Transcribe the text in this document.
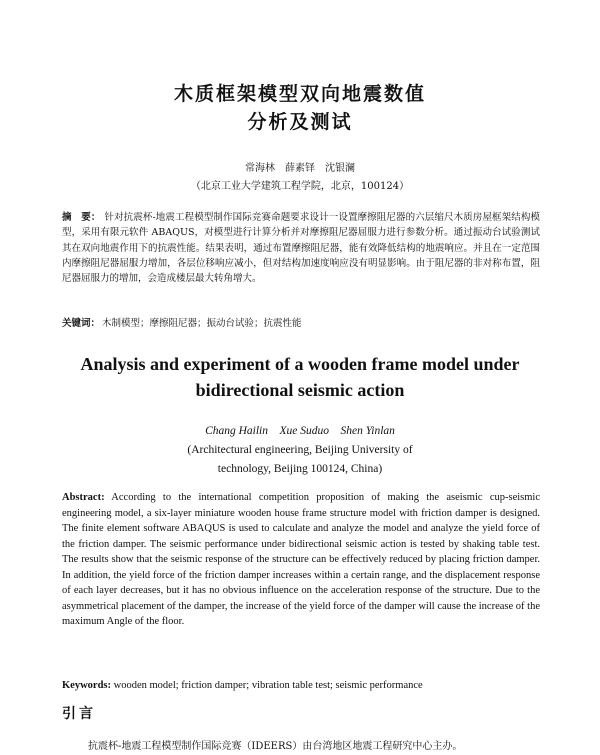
木质框架模型双向地震数值
分析及测试
常海林　薛素铎　沈银澜
（北京工业大学建筑工程学院，北京，100124）
摘　要： 针对抗震杯-地震工程模型制作国际竞赛命题要求设计一设置摩擦阻尼器的六层缩尺木质房屋框架结构模型，采用有限元软件 ABAQUS，对模型进行计算分析并对摩擦阻尼器屈服力进行参数分析。通过振动台试验测试其在双向地震作用下的抗震性能。结果表明，通过布置摩擦阻尼器，能有效降低结构的地震响应。并且在一定范围内摩擦阻尼器屈服力增加，各层位移响应减小，但对结构加速度响应没有明显影响。由于阻尼器的非对称布置，阻尼器屈服力的增加，会造成楼层最大转角增大。
关键词： 木制模型；摩擦阻尼器；振动台试验；抗震性能
Analysis and experiment of a wooden frame model under
bidirectional seismic action
Chang Hailin　Xue Suduo　Shen Yinlan
(Architectural engineering, Beijing University of technology, Beijing 100124, China)
Abstract: According to the international competition proposition of making the aseismic cup-seismic engineering model, a six-layer miniature wooden house frame structure model with friction damper is designed. The finite element software ABAQUS is used to calculate and analyze the model and analyze the yield force of the friction damper. The seismic performance under bidirectional seismic action is tested by shaking table test. The results show that the seismic response of the structure can be effectively reduced by placing friction damper. In addition, the yield force of the friction damper increases within a certain range, and the displacement response of each layer decreases, but it has no obvious influence on the acceleration response of the structure. Due to the asymmetrical placement of the damper, the increase of the yield force of the damper will cause the increase of the maximum Angle of the floor.
Keywords: wooden model; friction damper; vibration table test; seismic performance
引言
抗震杯-地震工程模型制作国际竞赛（IDEERS）由台湾地区地震工程研究中心主办。
